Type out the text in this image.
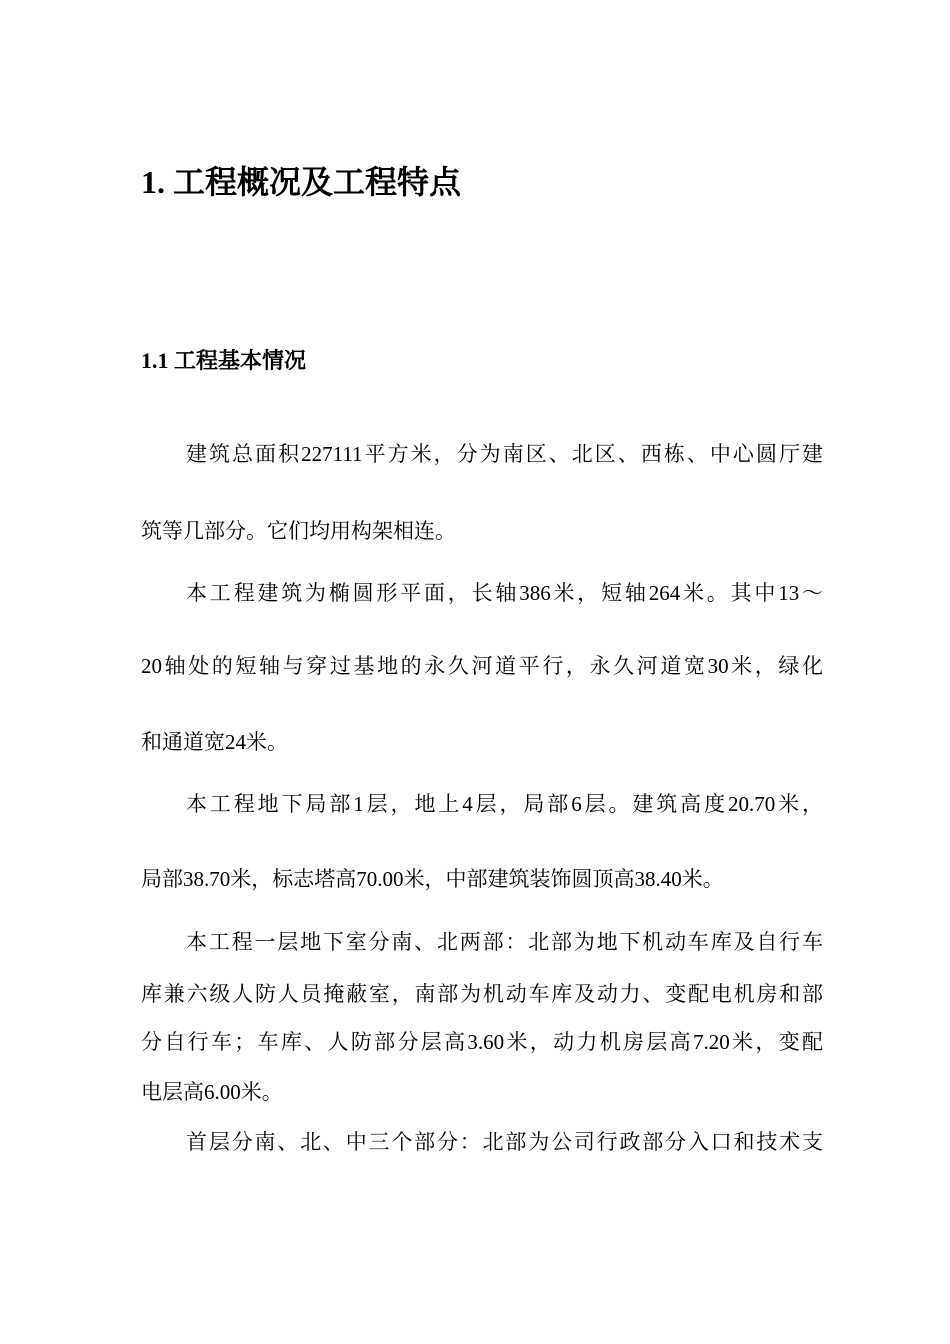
1. 工程概况及工程特点
1.1 工程基本情况
建筑总面积227111平方米，分为南区、北区、西栋、中心圆厅建
筑等几部分。它们均用构架相连。
本工程建筑为椭圆形平面，长轴386米，短轴264米。其中13～
20轴处的短轴与穿过基地的永久河道平行，永久河道宽30米，绿化
和通道宽24米。
本工程地下局部1层，地上4层，局部6层。建筑高度20.70米，
局部38.70米，标志塔高70.00米，中部建筑装饰圆顶高38.40米。
本工程一层地下室分南、北两部：北部为地下机动车库及自行车
库兼六级人防人员掩蔽室，南部为机动车库及动力、变配电机房和部
分自行车；车库、人防部分层高3.60米，动力机房层高7.20米，变配
电层高6.00米。
首层分南、北、中三个部分：北部为公司行政部分入口和技术支
